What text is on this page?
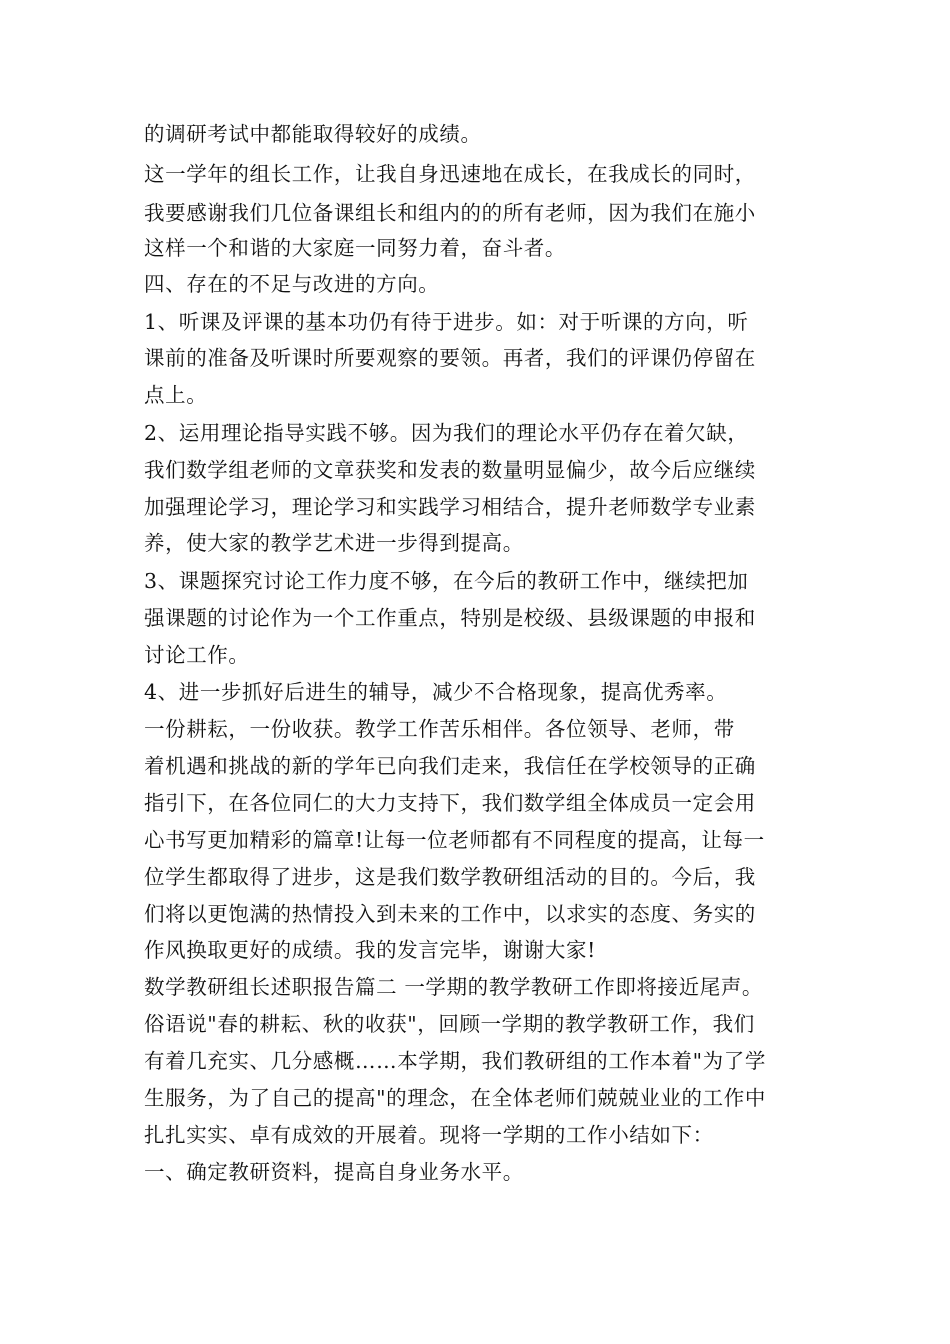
的调研考试中都能取得较好的成绩。
这一学年的组长工作，让我自身迅速地在成长，在我成长的同时，
我要感谢我们几位备课组长和组内的的所有老师，因为我们在施小
这样一个和谐的大家庭一同努力着，奋斗者。
四、存在的不足与改进的方向。
1、听课及评课的基本功仍有待于进步。如：对于听课的方向，听
课前的准备及听课时所要观察的要领。再者，我们的评课仍停留在
点上。
2、运用理论指导实践不够。因为我们的理论水平仍存在着欠缺，
我们数学组老师的文章获奖和发表的数量明显偏少，故今后应继续
加强理论学习，理论学习和实践学习相结合，提升老师数学专业素
养，使大家的教学艺术进一步得到提高。
3、课题探究讨论工作力度不够，在今后的教研工作中，继续把加
强课题的讨论作为一个工作重点，特别是校级、县级课题的申报和
讨论工作。
4、进一步抓好后进生的辅导，减少不合格现象，提高优秀率。
一份耕耘，一份收获。教学工作苦乐相伴。各位领导、老师，带
着机遇和挑战的新的学年已向我们走来，我信任在学校领导的正确
指引下，在各位同仁的大力支持下，我们数学组全体成员一定会用
心书写更加精彩的篇章!让每一位老师都有不同程度的提高，让每一
位学生都取得了进步，这是我们数学教研组活动的目的。今后，我
们将以更饱满的热情投入到未来的工作中，以求实的态度、务实的
作风换取更好的成绩。我的发言完毕，谢谢大家!
数学教研组长述职报告篇二 一学期的教学教研工作即将接近尾声。
俗语说"春的耕耘、秋的收获"，回顾一学期的教学教研工作，我们
有着几充实、几分感概……本学期，我们教研组的工作本着"为了学
生服务，为了自己的提高"的理念，在全体老师们兢兢业业的工作中
扎扎实实、卓有成效的开展着。现将一学期的工作小结如下：
一、确定教研资料，提高自身业务水平。
